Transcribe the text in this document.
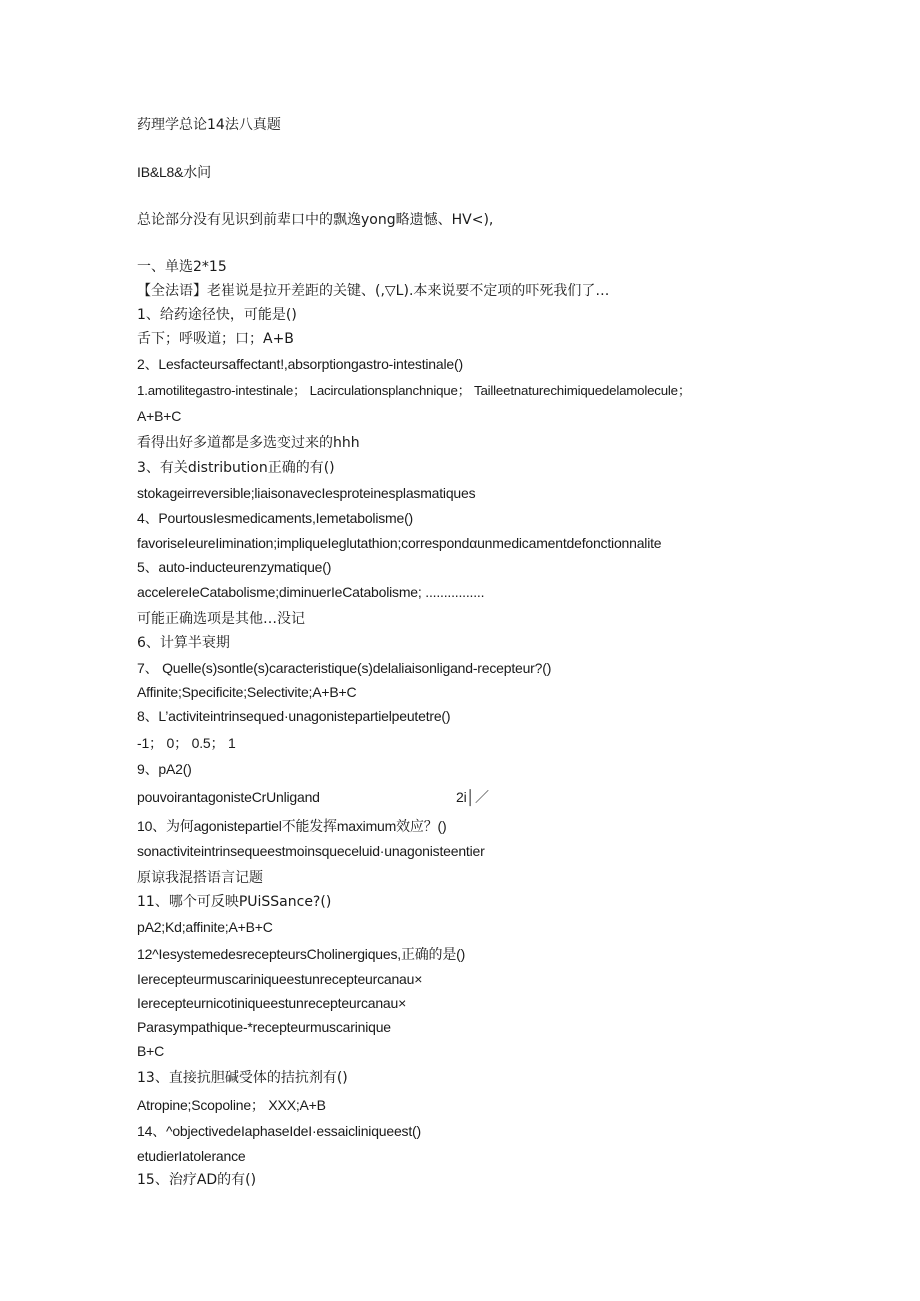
药理学总论14法八真题
IB&L8&水问
总论部分没有见识到前辈口中的飘逸yong略遗憾、HV<),
一、单选2*15
【全法语】老崔说是拉开差距的关键、(,▽L).本来说要不定项的吓死我们了…
1、给药途径快，可能是()
舌下；呼吸道；口；A+B
2、Lesfacteursaffectant!,absorptiongastro-intestinale()
1.amotilitegastro-intestinale； Lacirculationsplanchnique； Tailleetnaturechimiquedelamolecule；
A+B+C
看得出好多道都是多选变过来的hhh
3、有关distribution正确的有()
stokageirreversible;liaisonavecIesproteinesplasmatiques
4、PourtousIesmedicaments,Iemetabolisme()
favoriseIeureIimination;impliqueIeglutathion;correspondαunmedicamentdefonctionnalite
5、auto-inducteurenzymatique()
accelereIeCatabolisme;diminuerIeCatabolisme; ................
可能正确选项是其他…没记
6、计算半衰期
7、 Quelle(s)sontle(s)caracteristique(s)delaliaisonligand-recepteur?()
Affinite;Specificite;Selectivite;A+B+C
8、L’activiteintrinsequed·unagonistepartielpeutetre()
-1； 0； 0.5； 1
9、pA2()
pouvoirantagonisteCrUnligand	2i│／
10、为何agonistepartiel不能发挥maximum效应？()
sonactiviteintrinsequeestmoinsqueceluid·unagonisteentier
原谅我混搭语言记题
11、哪个可反映PUiSSance?()
pA2;Kd;affinite;A+B+C
12^IesystemedesrecepteursCholinergiques,正确的是()
Ierecepteurmuscariniqueestunrecepteurcanau×
Ierecepteurnicotiniqueestunrecepteurcanau×
Parasympathique-*recepteurmuscarinique
B+C
13、直接抗胆碱受体的拮抗剂有()
Atropine;Scopoline； XXX;A+B
14、^objectivedeIaphaseIdeI·essaicliniqueest()
etudierIatolerance
15、治疗AD的有()
